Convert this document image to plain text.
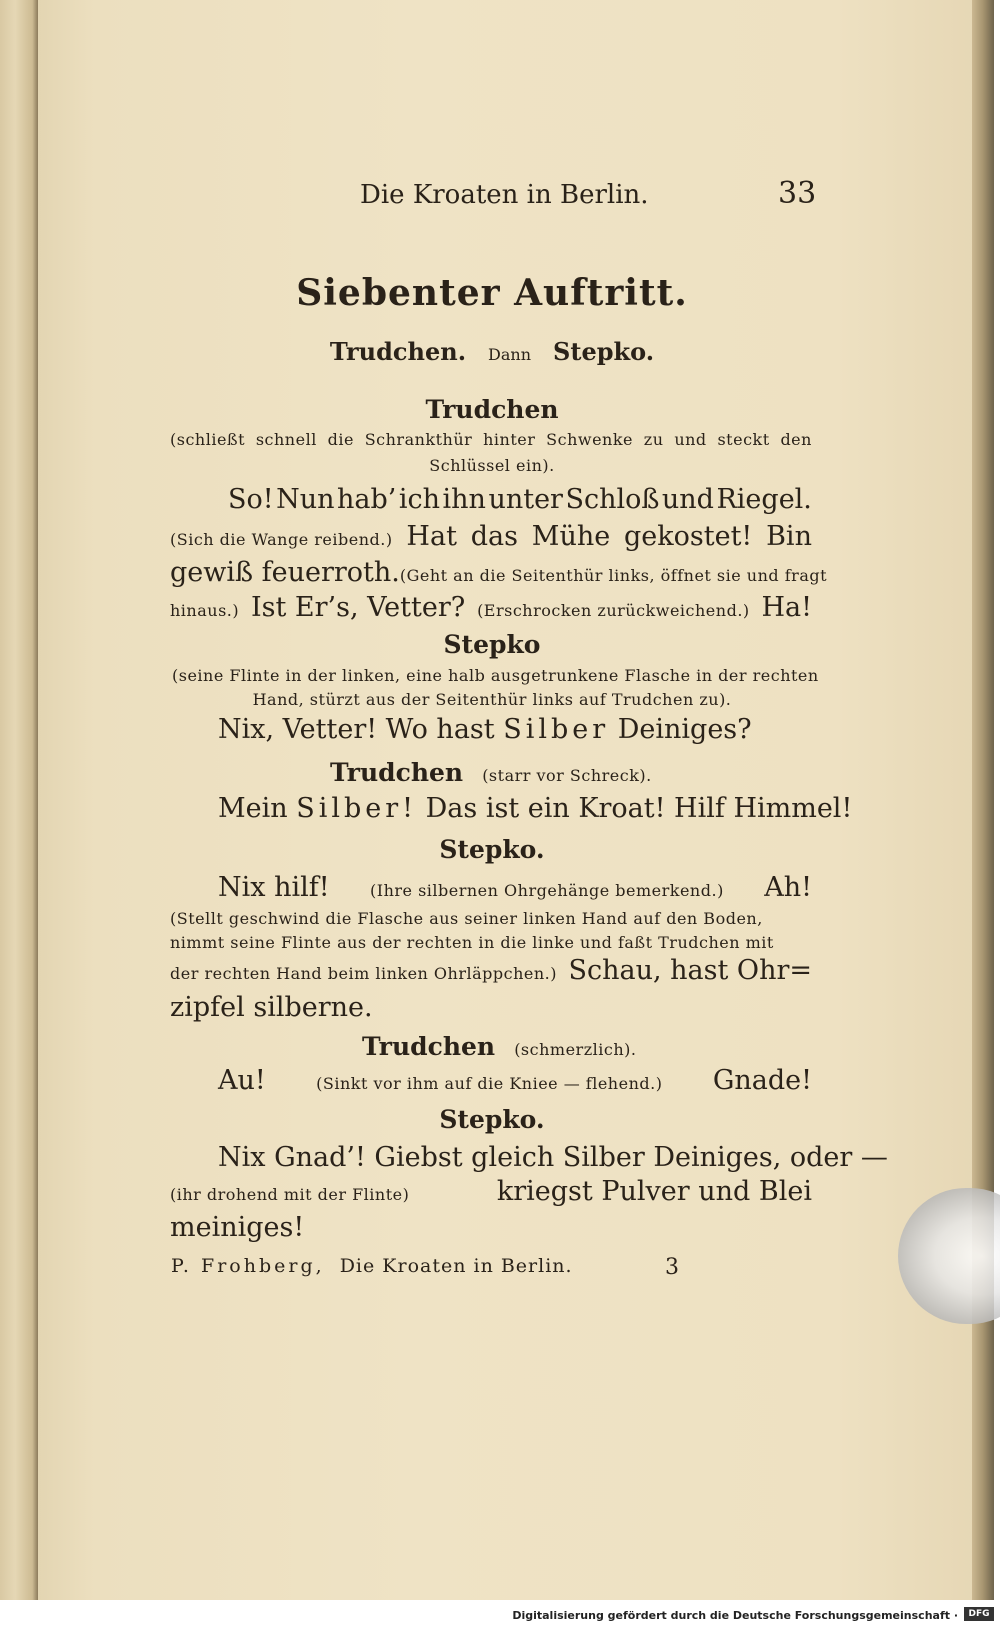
Die Kroaten in Berlin.	33
Siebenter Auftritt.
Trudchen. Dann Stepko.
Trudchen
(schließt schnell die Schrankthür hinter Schwenke zu und steckt den
Schlüssel ein).
So! Nun hab’ ich ihn unter Schloß und Riegel.
(Sich die Wange reibend.) Hat das Mühe gekostet! Bin
gewiß feuerroth. (Geht an die Seitenthür links, öffnet sie und fragt
hinaus.) Ist Er’s, Vetter? (Erschrocken zurückweichend.) Ha!
Stepko
(seine Flinte in der linken, eine halb ausgetrunkene Flasche in der rechten
Hand, stürzt aus der Seitenthür links auf Trudchen zu).
Nix, Vetter! Wo hast Silber Deiniges?
Trudchen (starr vor Schreck).
Mein Silber! Das ist ein Kroat! Hilf Himmel!
Stepko.
Nix hilf!	(Ihre silbernen Ohrgehänge bemerkend.) Ah!
(Stellt geschwind die Flasche aus seiner linken Hand auf den Boden,
nimmt seine Flinte aus der rechten in die linke und faßt Trudchen mit
der rechten Hand beim linken Ohrläppchen.) Schau, hast Ohr=
zipfel silberne.
Trudchen (schmerzlich).
Au!	(Sinkt vor ihm auf die Kniee — flehend.) Gnade!
Stepko.
Nix Gnad’! Giebst gleich Silber Deiniges, oder —
(ihr drohend mit der Flinte)	kriegst Pulver und Blei
meiniges!
P. Frohberg, Die Kroaten in Berlin.	3
Digitalisierung gefördert durch die Deutsche Forschungsgemeinschaft ·	DFG
